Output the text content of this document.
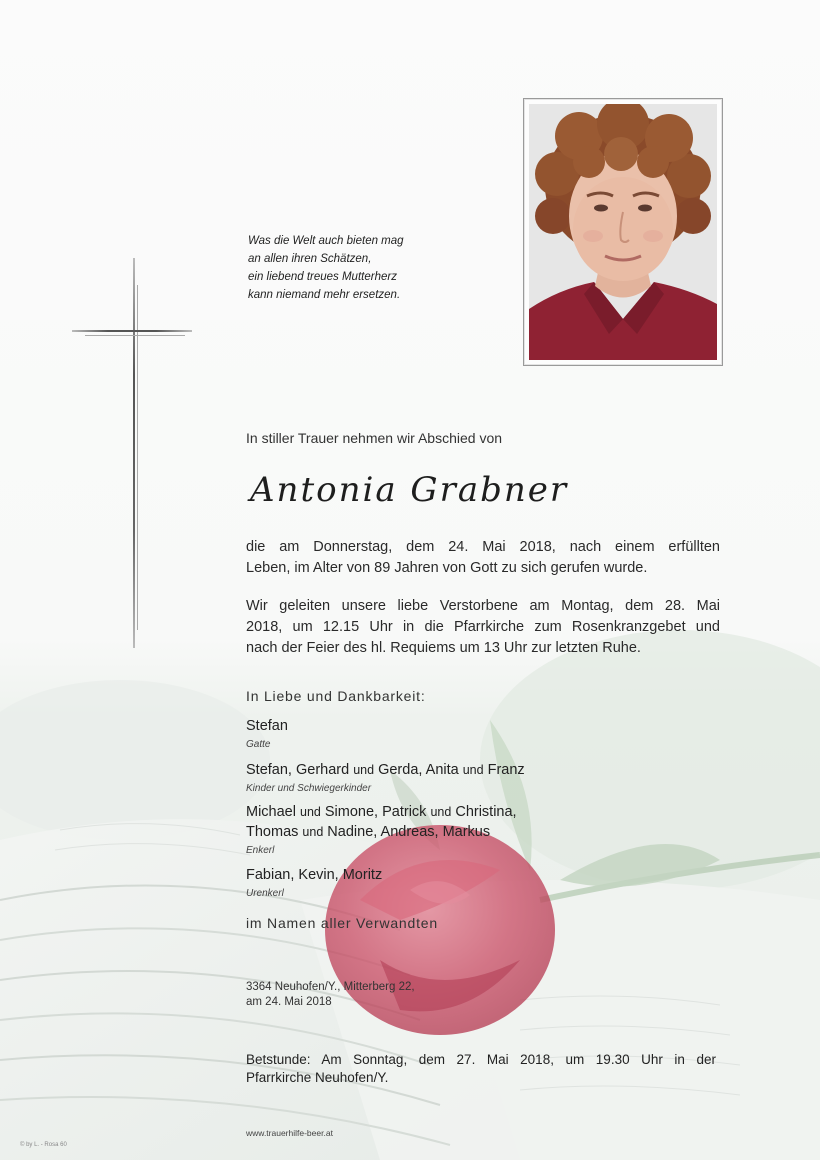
Was die Welt auch bieten mag
an allen ihren Schätzen,
ein liebend treues Mutterherz
kann niemand mehr ersetzen.
In stiller Trauer nehmen wir Abschied von
Antonia Grabner
die am Donnerstag, dem 24. Mai 2018, nach einem erfüllten
Leben, im Alter von 89 Jahren von Gott zu sich gerufen wurde.
Wir geleiten unsere liebe Verstorbene am Montag, dem 28. Mai
2018, um 12.15 Uhr in die Pfarrkirche zum Rosenkranzgebet und
nach der Feier des hl. Requiems um 13 Uhr zur letzten Ruhe.
In Liebe und Dankbarkeit:
Stefan
Gatte
Stefan, Gerhard und Gerda, Anita und Franz
Kinder und Schwiegerkinder
Michael und Simone, Patrick und Christina,
Thomas und Nadine, Andreas, Markus
Enkerl
Fabian, Kevin, Moritz
Urenkerl
im Namen aller Verwandten
3364 Neuhofen/Y., Mitterberg 22,
am 24. Mai 2018
Betstunde: Am Sonntag, dem 27. Mai 2018, um 19.30 Uhr in der
Pfarrkirche Neuhofen/Y.
www.trauerhilfe-beer.at
© by L. - Rosa 60
